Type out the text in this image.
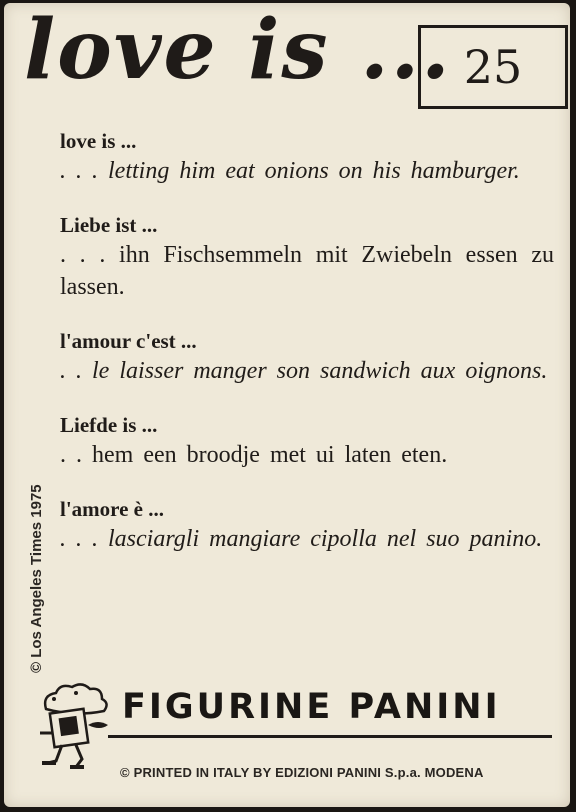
love is ... 25

love is ...

. . . letting him eat onions on his hamburger.

Liebe ist ...

. . . ihn Fischsemmeln mit Zwiebeln essen zu lassen.

l'amour c'est ...

. . le laisser manger son sandwich aux oignons.

Liefde is ...

. . hem een broodje met ui laten eten.

l'amore è ...

. . . lasciargli mangiare cipolla nel suo panino.

© Los Angeles Times 1975
FIGURINE PANINI
© PRINTED IN ITALY BY EDIZIONI PANINI S.p.a. MODENA
